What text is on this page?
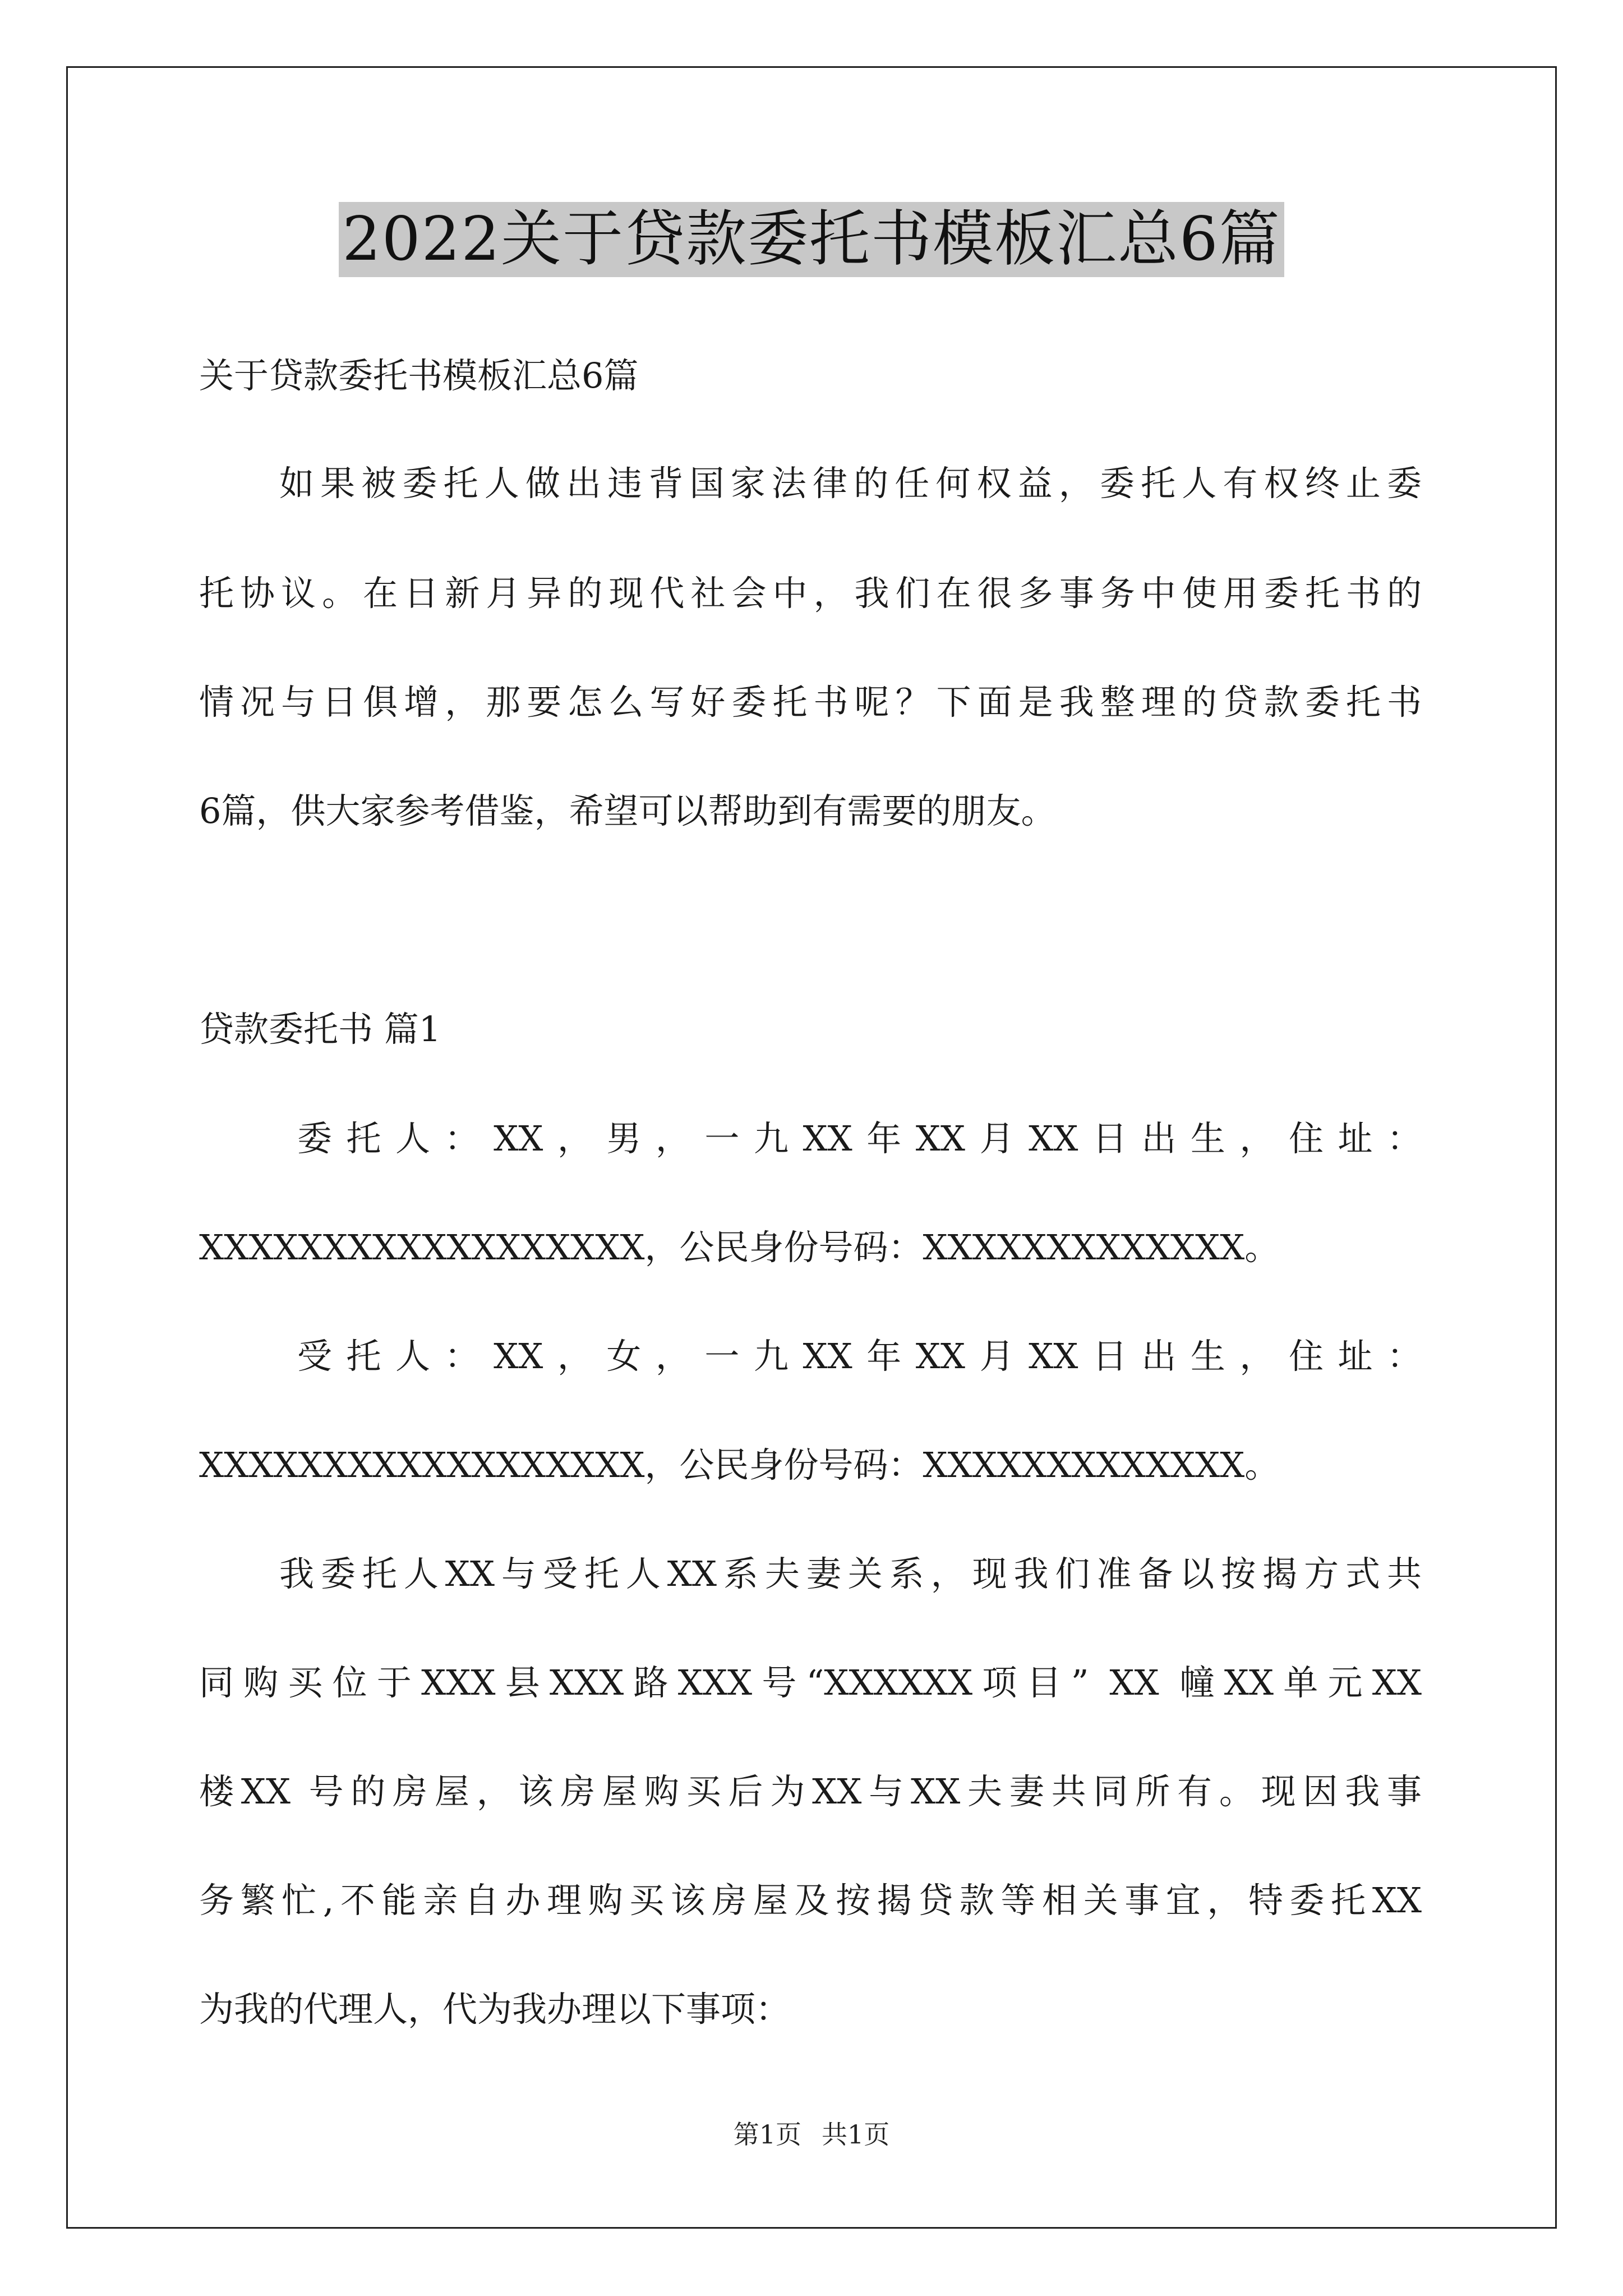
2022关于贷款委托书模板汇总6篇
关于贷款委托书模板汇总6篇
如果被委托人做出违背国家法律的任何权益，委托人有权终止委
托协议。在日新月异的现代社会中，我们在很多事务中使用委托书的
情况与日俱增，那要怎么写好委托书呢？下面是我整理的贷款委托书
6篇，供大家参考借鉴，希望可以帮助到有需要的朋友。
贷款委托书 篇1
委托人：XX，男，一九XX年XX月XX日出生，住址：
XXXXXXXXXXXXXXXXXX，公民身份号码：XXXXXXXXXXXXX。
受托人：XX，女，一九XX年XX月XX日出生，住址：
XXXXXXXXXXXXXXXXXX，公民身份号码：XXXXXXXXXXXXX。
我委托人XX与受托人XX系夫妻关系，现我们准备以按揭方式共
同购买位于XXX县XXX路XXX号“XXXXXX项目” XX 幢XX单元XX
楼XX 号的房屋，该房屋购买后为XX与XX夫妻共同所有。现因我事
务繁忙,不能亲自办理购买该房屋及按揭贷款等相关事宜，特委托XX
为我的代理人，代为我办理以下事项：
第1页 共1页
